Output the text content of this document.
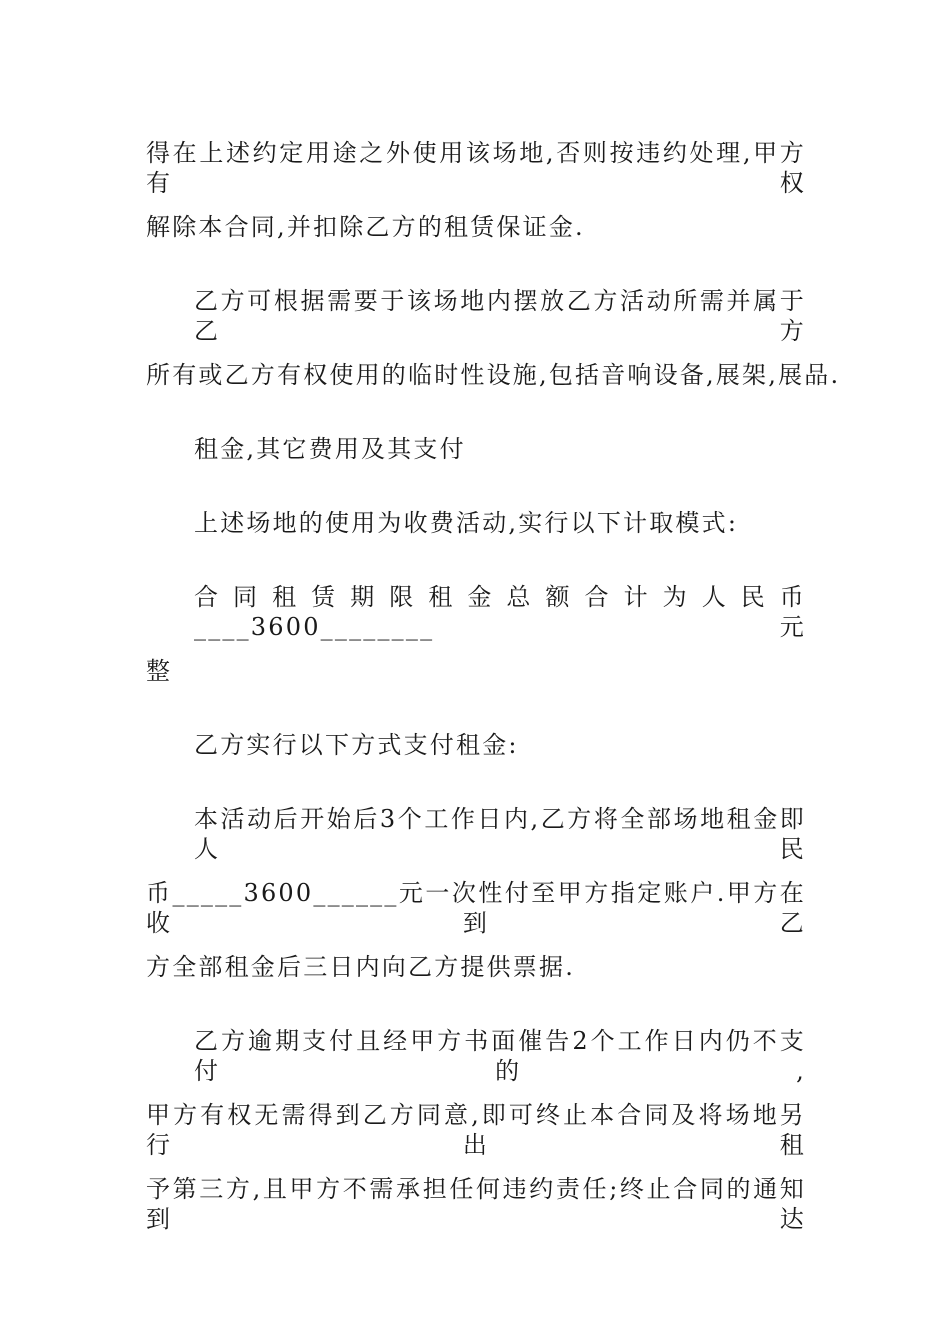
得在上述约定用途之外使用该场地,否则按违约处理,甲方有权
解除本合同,并扣除乙方的租赁保证金.
乙方可根据需要于该场地内摆放乙方活动所需并属于乙方
所有或乙方有权使用的临时性设施,包括音响设备,展架,展品.
租金,其它费用及其支付
上述场地的使用为收费活动,实行以下计取模式:
合同租赁期限租金总额合计为人民币____3600________元
整
乙方实行以下方式支付租金:
本活动后开始后3个工作日内,乙方将全部场地租金即人民
币_____3600______元一次性付至甲方指定账户.甲方在收到乙
方全部租金后三日内向乙方提供票据.
乙方逾期支付且经甲方书面催告2个工作日内仍不支付的,
甲方有权无需得到乙方同意,即可终止本合同及将场地另行出租
予第三方,且甲方不需承担任何违约责任;终止合同的通知到达
